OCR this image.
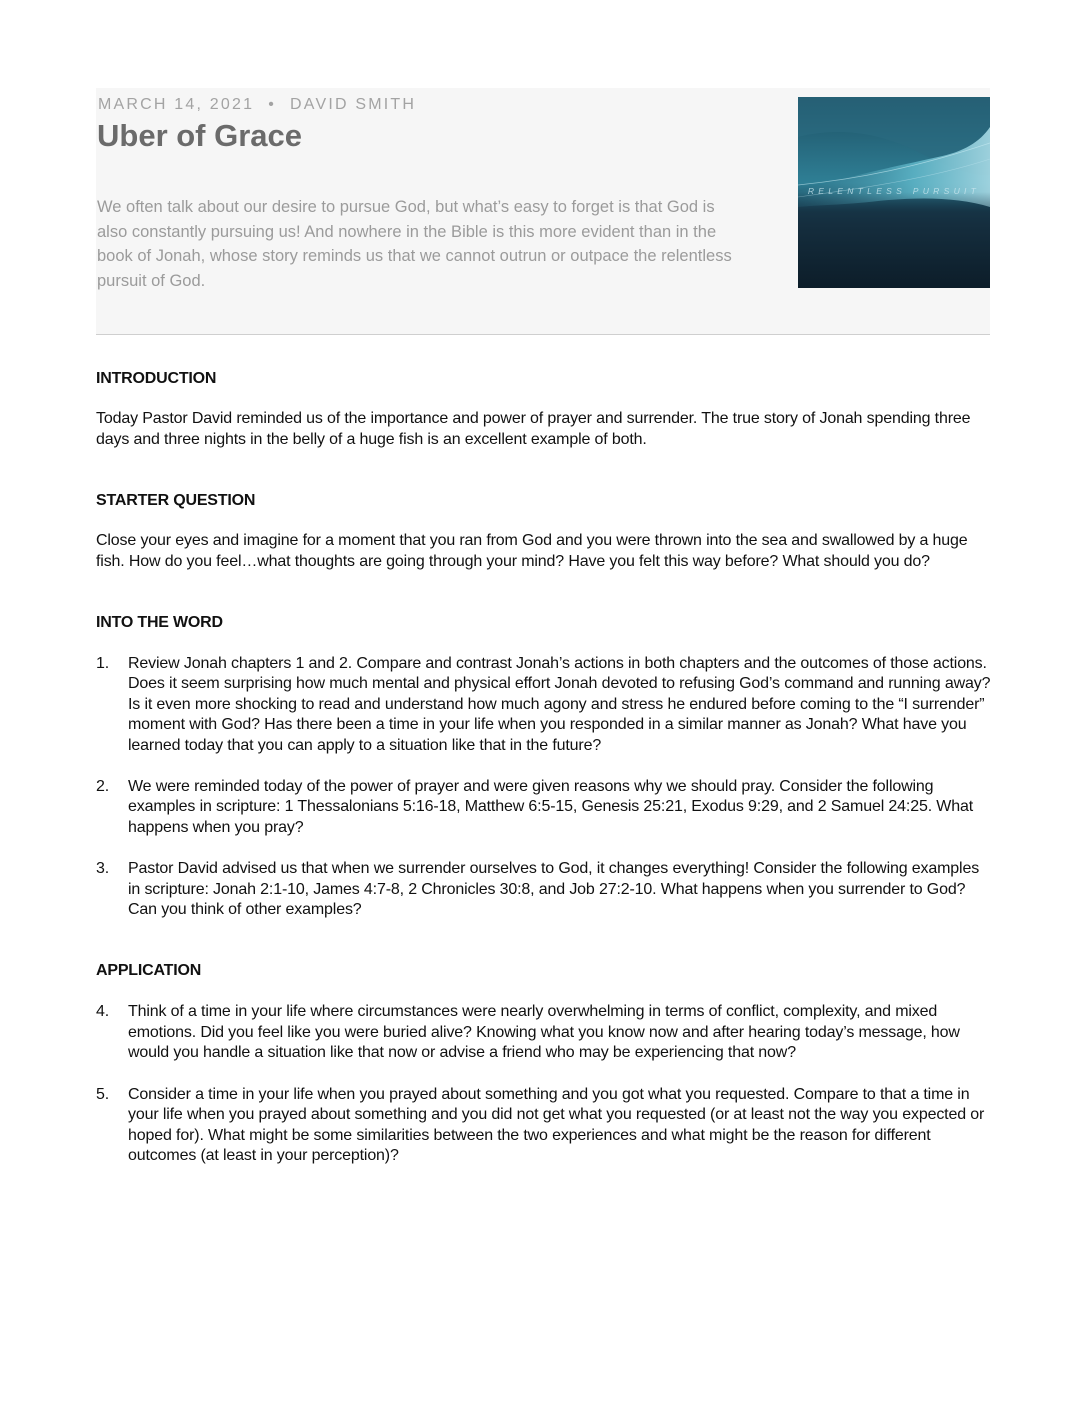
MARCH 14, 2021 • DAVID SMITH
Uber of Grace

We often talk about our desire to pursue God, but what’s easy to forget is that God is also constantly pursuing us! And nowhere in the Bible is this more evident than in the book of Jonah, whose story reminds us that we cannot outrun or outpace the relentless pursuit of God.

RELENTLESS PURSUIT
INTRODUCTION

Today Pastor David reminded us of the importance and power of prayer and surrender. The true story of Jonah spending three days and three nights in the belly of a huge fish is an excellent example of both.

STARTER QUESTION

Close your eyes and imagine for a moment that you ran from God and you were thrown into the sea and swallowed by a huge fish. How do you feel…what thoughts are going through your mind? Have you felt this way before? What should you do?

INTO THE WORD
1.	Review Jonah chapters 1 and 2. Compare and contrast Jonah’s actions in both chapters and the outcomes of those actions. Does it seem surprising how much mental and physical effort Jonah devoted to refusing God’s command and running away? Is it even more shocking to read and understand how much agony and stress he endured before coming to the “I surrender” moment with God? Has there been a time in your life when you responded in a similar manner as Jonah? What have you learned today that you can apply to a situation like that in the future?
2.	We were reminded today of the power of prayer and were given reasons why we should pray. Consider the following examples in scripture: 1 Thessalonians 5:16-18, Matthew 6:5-15, Genesis 25:21, Exodus 9:29, and 2 Samuel 24:25. What happens when you pray?
3.	Pastor David advised us that when we surrender ourselves to God, it changes everything! Consider the following examples in scripture: Jonah 2:1-10, James 4:7-8, 2 Chronicles 30:8, and Job 27:2-10. What happens when you surrender to God? Can you think of other examples?
APPLICATION
4.	Think of a time in your life where circumstances were nearly overwhelming in terms of conflict, complexity, and mixed emotions. Did you feel like you were buried alive? Knowing what you know now and after hearing today’s message, how would you handle a situation like that now or advise a friend who may be experiencing that now?
5.	Consider a time in your life when you prayed about something and you got what you requested. Compare to that a time in your life when you prayed about something and you did not get what you requested (or at least not the way you expected or hoped for). What might be some similarities between the two experiences and what might be the reason for different outcomes (at least in your perception)?
